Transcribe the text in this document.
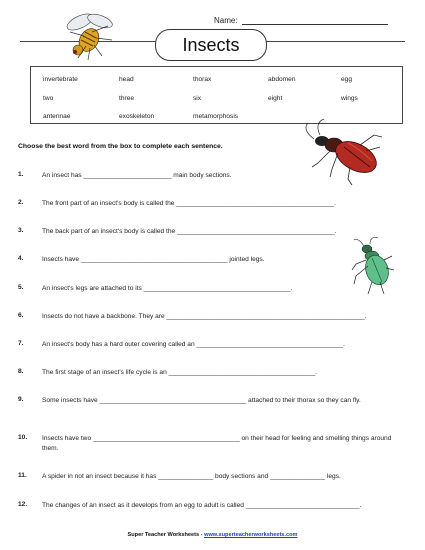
Name:
Insects
invertebrate	head	thorax	abdomen	egg
two	three	six	eight	wings
antennae	exoskeleton	metamorphosis
Choose the best word from the box to complete each sentence.
1.	An insect has ________________________ main body sections.
2.	The front part of an insect's body is called the ___________________________________________.
3.	The back part of an insect's body is called the ___________________________________________.
4.	Insects have ________________________________________ jointed legs.
5.	An insect's legs are attached to its ________________________________________.
6.	Insects do not have a backbone. They are ______________________________________________________.
7.	An insect's body has a hard outer covering called an ________________________________________.
8.	The first stage of an insect's life cycle is an ________________________________________.
9.	Some insects have ________________________________________ attached to their thorax so they can fly.
10. Insects have two ________________________________________ on their head for feeling and smelling things around them.
11. A spider in not an insect because it has _______________ body sections and _______________ legs.
12. The changes of an insect as it develops from an egg to adult is called _______________________________.
Super Teacher Worksheets - www.superteacherworksheets.com
